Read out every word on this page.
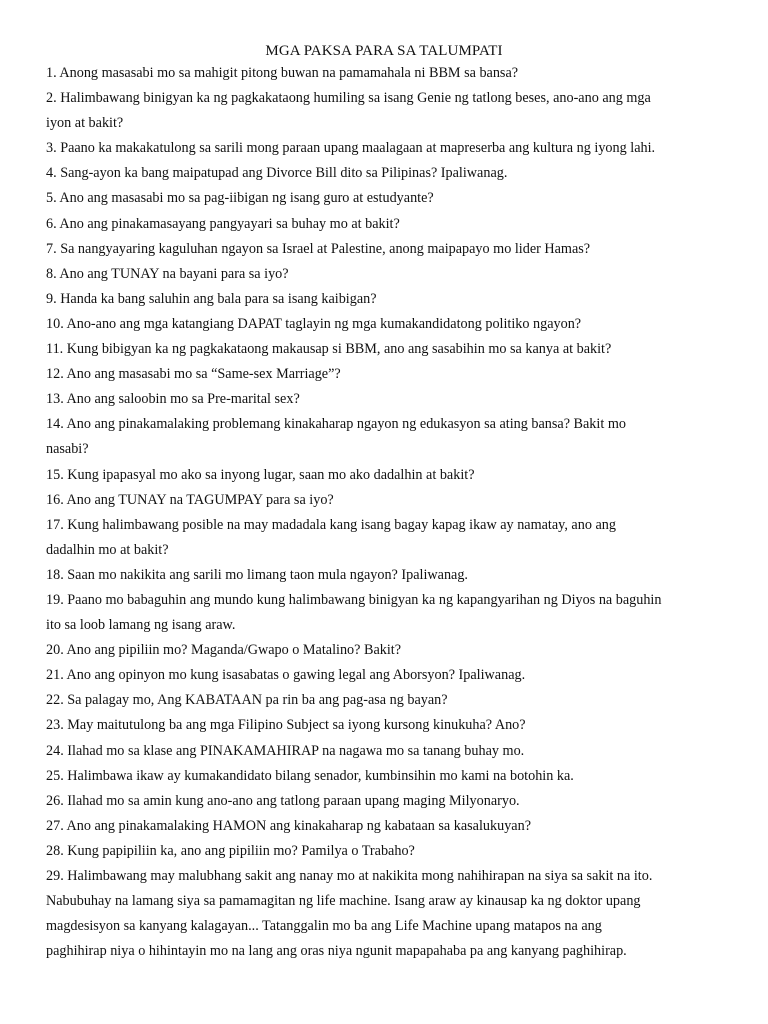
MGA PAKSA PARA SA TALUMPATI
1. Anong masasabi mo sa mahigit pitong buwan na pamamahala ni BBM sa bansa?
2. Halimbawang binigyan ka ng pagkakataong humiling sa isang Genie ng tatlong beses, ano-ano ang mga
iyon at bakit?
3. Paano ka makakatulong sa sarili mong paraan upang maalagaan at mapreserba ang kultura ng iyong lahi.
4. Sang-ayon ka bang maipatupad ang Divorce Bill dito sa Pilipinas? Ipaliwanag.
5. Ano ang masasabi mo sa pag-iibigan ng isang guro at estudyante?
6. Ano ang pinakamasayang pangyayari sa buhay mo at bakit?
7. Sa nangyayaring kaguluhan ngayon sa Israel at Palestine, anong maipapayo mo lider Hamas?
8. Ano ang TUNAY na bayani para sa iyo?
9. Handa ka bang saluhin ang bala para sa isang kaibigan?
10. Ano-ano ang mga katangiang DAPAT taglayin ng mga kumakandidatong politiko ngayon?
11. Kung bibigyan ka ng pagkakataong makausap si BBM, ano ang sasabihin mo sa kanya at bakit?
12. Ano ang masasabi mo sa “Same-sex Marriage”?
13. Ano ang saloobin mo sa Pre-marital sex?
14. Ano ang pinakamalaking problemang kinakaharap ngayon ng edukasyon sa ating bansa? Bakit mo
nasabi?
15. Kung ipapasyal mo ako sa inyong lugar, saan mo ako dadalhin at bakit?
16. Ano ang TUNAY na TAGUMPAY para sa iyo?
17. Kung halimbawang posible na may madadala kang isang bagay kapag ikaw ay namatay, ano ang
dadalhin mo at bakit?
18. Saan mo nakikita ang sarili mo limang taon mula ngayon? Ipaliwanag.
19. Paano mo babaguhin ang mundo kung halimbawang binigyan ka ng kapangyarihan ng Diyos na baguhin
ito sa loob lamang ng isang araw.
20. Ano ang pipiliin mo? Maganda/Gwapo o Matalino? Bakit?
21. Ano ang opinyon mo kung isasabatas o gawing legal ang Aborsyon? Ipaliwanag.
22. Sa palagay mo, Ang KABATAAN pa rin ba ang pag-asa ng bayan?
23. May maitutulong ba ang mga Filipino Subject sa iyong kursong kinukuha? Ano?
24. Ilahad mo sa klase ang PINAKAMAHIRAP na nagawa mo sa tanang buhay mo.
25. Halimbawa ikaw ay kumakandidato bilang senador, kumbinsihin mo kami na botohin ka.
26. Ilahad mo sa amin kung ano-ano ang tatlong paraan upang maging Milyonaryo.
27. Ano ang pinakamalaking HAMON ang kinakaharap ng kabataan sa kasalukuyan?
28. Kung papipiliin ka, ano ang pipiliin mo? Pamilya o Trabaho?
29. Halimbawang may malubhang sakit ang nanay mo at nakikita mong nahihirapan na siya sa sakit na ito.
Nabubuhay na lamang siya sa pamamagitan ng life machine. Isang araw ay kinausap ka ng doktor upang
magdesisyon sa kanyang kalagayan... Tatanggalin mo ba ang Life Machine upang matapos na ang
paghihirap niya o hihintayin mo na lang ang oras niya ngunit mapapahaba pa ang kanyang paghihirap.
